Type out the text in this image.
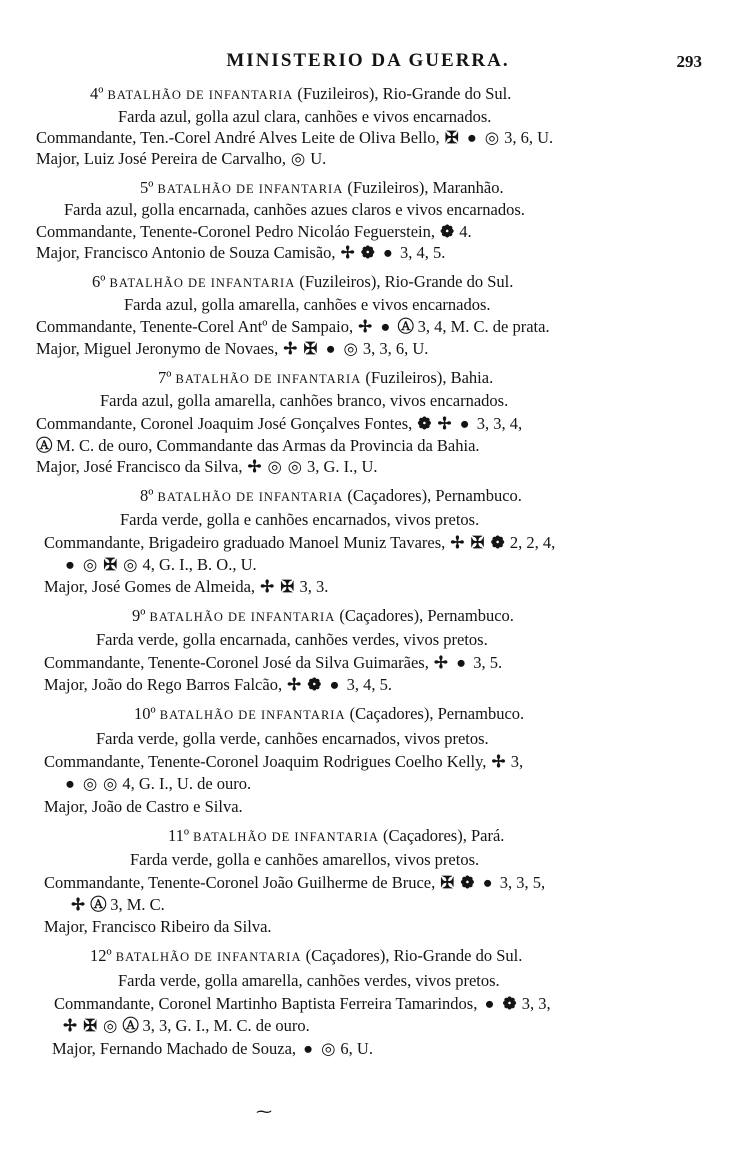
MINISTERIO DA GUERRA.	293
4º BATALHÃO DE INFANTARIA (Fuzileiros), Rio-Grande do Sul.
Farda azul, golla azul clara, canhões e vivos encarnados.
Commandante, Ten.-Corel André Alves Leite de Oliva Bello, ✠ ● ◎ 3, 6, U.
Major, Luiz José Pereira de Carvalho, ◎ U.
5º BATALHÃO DE INFANTARIA (Fuzileiros), Maranhão.
Farda azul, golla encarnada, canhões azues claros e vivos encarnados.
Commandante, Tenente-Coronel Pedro Nicoláo Feguerstein, ❁ 4.
Major, Francisco Antonio de Souza Camisão, ✢ ❁ ● 3, 4, 5.
6º BATALHÃO DE INFANTARIA (Fuzileiros), Rio-Grande do Sul.
Farda azul, golla amarella, canhões e vivos encarnados.
Commandante, Tenente-Corel Antº de Sampaio, ✢ ● Ⓐ 3, 4, M. C. de prata.
Major, Miguel Jeronymo de Novaes, ✢ ✠ ● ◎ 3, 3, 6, U.
7º BATALHÃO DE INFANTARIA (Fuzileiros), Bahia.
Farda azul, golla amarella, canhões branco, vivos encarnados.
Commandante, Coronel Joaquim José Gonçalves Fontes, ❁ ✢ ● 3, 3, 4,
Ⓐ M. C. de ouro, Commandante das Armas da Provincia da Bahia.
Major, José Francisco da Silva, ✢ ◎ ◎ 3, G. I., U.
8º BATALHÃO DE INFANTARIA (Caçadores), Pernambuco.
Farda verde, golla e canhões encarnados, vivos pretos.
Commandante, Brigadeiro graduado Manoel Muniz Tavares, ✢ ✠ ❁ 2, 2, 4,
● ◎ ✠ ◎ 4, G. I., B. O., U.
Major, José Gomes de Almeida, ✢ ✠ 3, 3.
9º BATALHÃO DE INFANTARIA (Caçadores), Pernambuco.
Farda verde, golla encarnada, canhões verdes, vivos pretos.
Commandante, Tenente-Coronel José da Silva Guimarães, ✢ ● 3, 5.
Major, João do Rego Barros Falcão, ✢ ❁ ● 3, 4, 5.
10º BATALHÃO DE INFANTARIA (Caçadores), Pernambuco.
Farda verde, golla verde, canhões encarnados, vivos pretos.
Commandante, Tenente-Coronel Joaquim Rodrigues Coelho Kelly, ✢ 3,
● ◎ ◎ 4, G. I., U. de ouro.
Major, João de Castro e Silva.
11º BATALHÃO DE INFANTARIA (Caçadores), Pará.
Farda verde, golla e canhões amarellos, vivos pretos.
Commandante, Tenente-Coronel João Guilherme de Bruce, ✠ ❁ ● 3, 3, 5,
✢ Ⓐ 3, M. C.
Major, Francisco Ribeiro da Silva.
12º BATALHÃO DE INFANTARIA (Caçadores), Rio-Grande do Sul.
Farda verde, golla amarella, canhões verdes, vivos pretos.
Commandante, Coronel Martinho Baptista Ferreira Tamarindos, ● ❁ 3, 3,
✢ ✠ ◎ Ⓐ 3, 3, G. I., M. C. de ouro.
Major, Fernando Machado de Souza, ● ◎ 6, U.
⁓
